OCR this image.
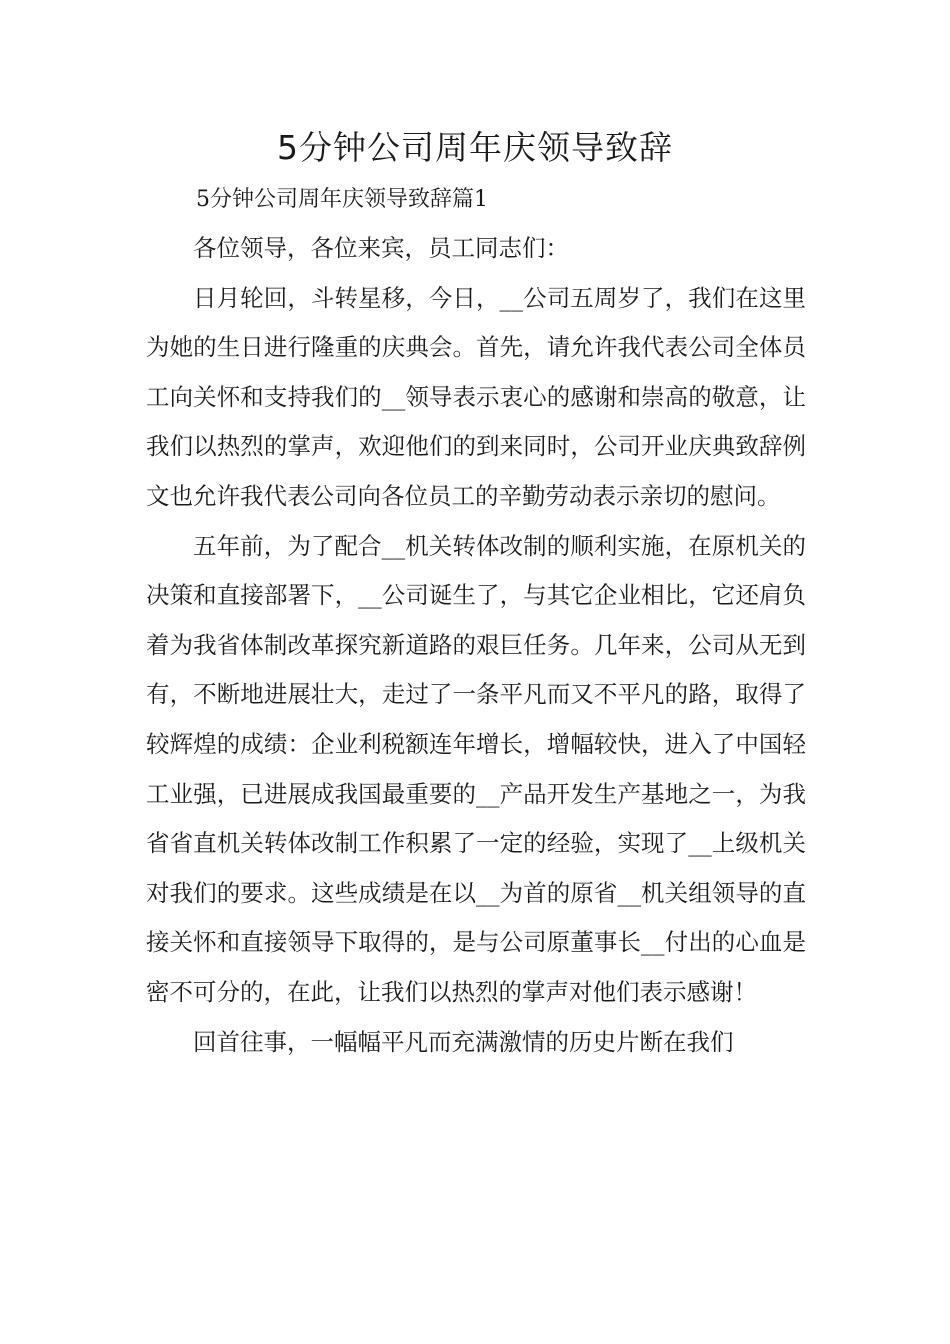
5分钟公司周年庆领导致辞

5分钟公司周年庆领导致辞篇1

各位领导，各位来宾，员工同志们：

日月轮回，斗转星移，今日，__公司五周岁了，我们在这里为她的生日进行隆重的庆典会。首先，请允许我代表公司全体员工向关怀和支持我们的__领导表示衷心的感谢和崇高的敬意，让我们以热烈的掌声，欢迎他们的到来同时，公司开业庆典致辞例文也允许我代表公司向各位员工的辛勤劳动表示亲切的慰问。

五年前，为了配合__机关转体改制的顺利实施，在原机关的决策和直接部署下，__公司诞生了，与其它企业相比，它还肩负着为我省体制改革探究新道路的艰巨任务。几年来，公司从无到有，不断地进展壮大，走过了一条平凡而又不平凡的路，取得了较辉煌的成绩：企业利税额连年增长，增幅较快，进入了中国轻工业强，已进展成我国最重要的__产品开发生产基地之一，为我省省直机关转体改制工作积累了一定的经验，实现了__上级机关对我们的要求。这些成绩是在以__为首的原省__机关组领导的直接关怀和直接领导下取得的，是与公司原董事长__付出的心血是密不可分的，在此，让我们以热烈的掌声对他们表示感谢！

回首往事，一幅幅平凡而充满激情的历史片断在我们
